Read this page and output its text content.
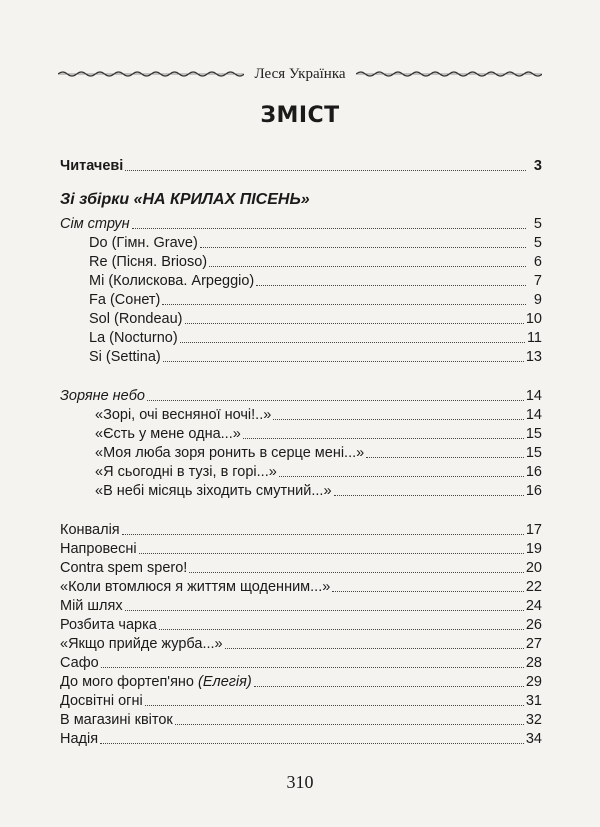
Леся Українка
ЗМІСТ
Читачеві	3
Зі збірки «НА КРИЛАХ ПІСЕНЬ»
Сім струн	5
Do (Гімн. Grave)	5
Re (Пісня. Brioso)	6
Mi (Колискова. Arpeggio)	7
Fa (Сонет)	9
Sol (Rondeau)	10
La (Nocturno)	11
Si (Settina)	13
Зоряне небо	14
«Зорі, очі весняної ночі!..»	14
«Єсть у мене одна...»	15
«Моя люба зоря ронить в серце мені...»	15
«Я сьогодні в тузі, в горі...»	16
«В небі місяць зіходить смутний...»	16
Конвалія	17
Напровесні	19
Contra spem spero!	20
«Коли втомлюся я життям щоденним...»	22
Мій шлях	24
Розбита чарка	26
«Якщо прийде журба...»	27
Сафо	28
До мого фортеп'яно (Елегія)	29
Досвітні огні	31
В магазині квіток	32
Надія	34
310
